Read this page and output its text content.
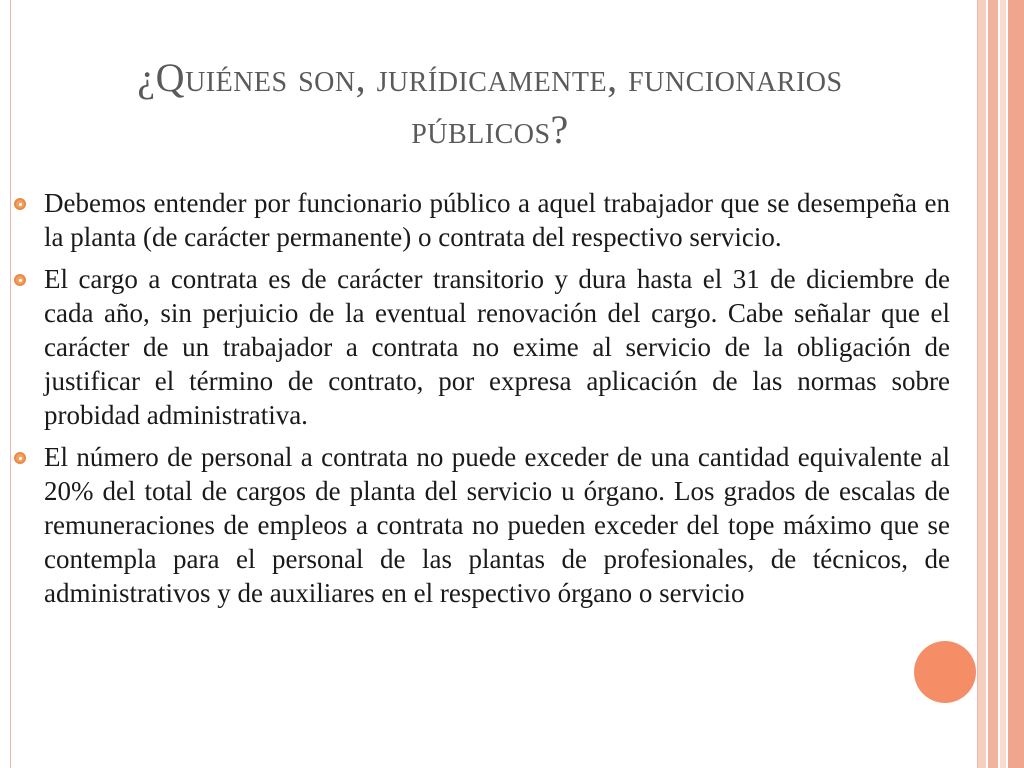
¿Quiénes son, jurídicamente, funcionarios públicos?
Debemos entender por funcionario público a aquel trabajador que se desempeña en la planta (de carácter permanente) o contrata del respectivo servicio.
El cargo a contrata es de carácter transitorio y dura hasta el 31 de diciembre de cada año, sin perjuicio de la eventual renovación del cargo. Cabe señalar que el carácter de un trabajador a contrata no exime al servicio de la obligación de justificar el término de contrato, por expresa aplicación de las normas sobre probidad administrativa.
El número de personal a contrata no puede exceder de una cantidad equivalente al 20% del total de cargos de planta del servicio u órgano. Los grados de escalas de remuneraciones de empleos a contrata no pueden exceder del tope máximo que se contempla para el personal de las plantas de profesionales, de técnicos, de administrativos y de auxiliares en el respectivo órgano o servicio
